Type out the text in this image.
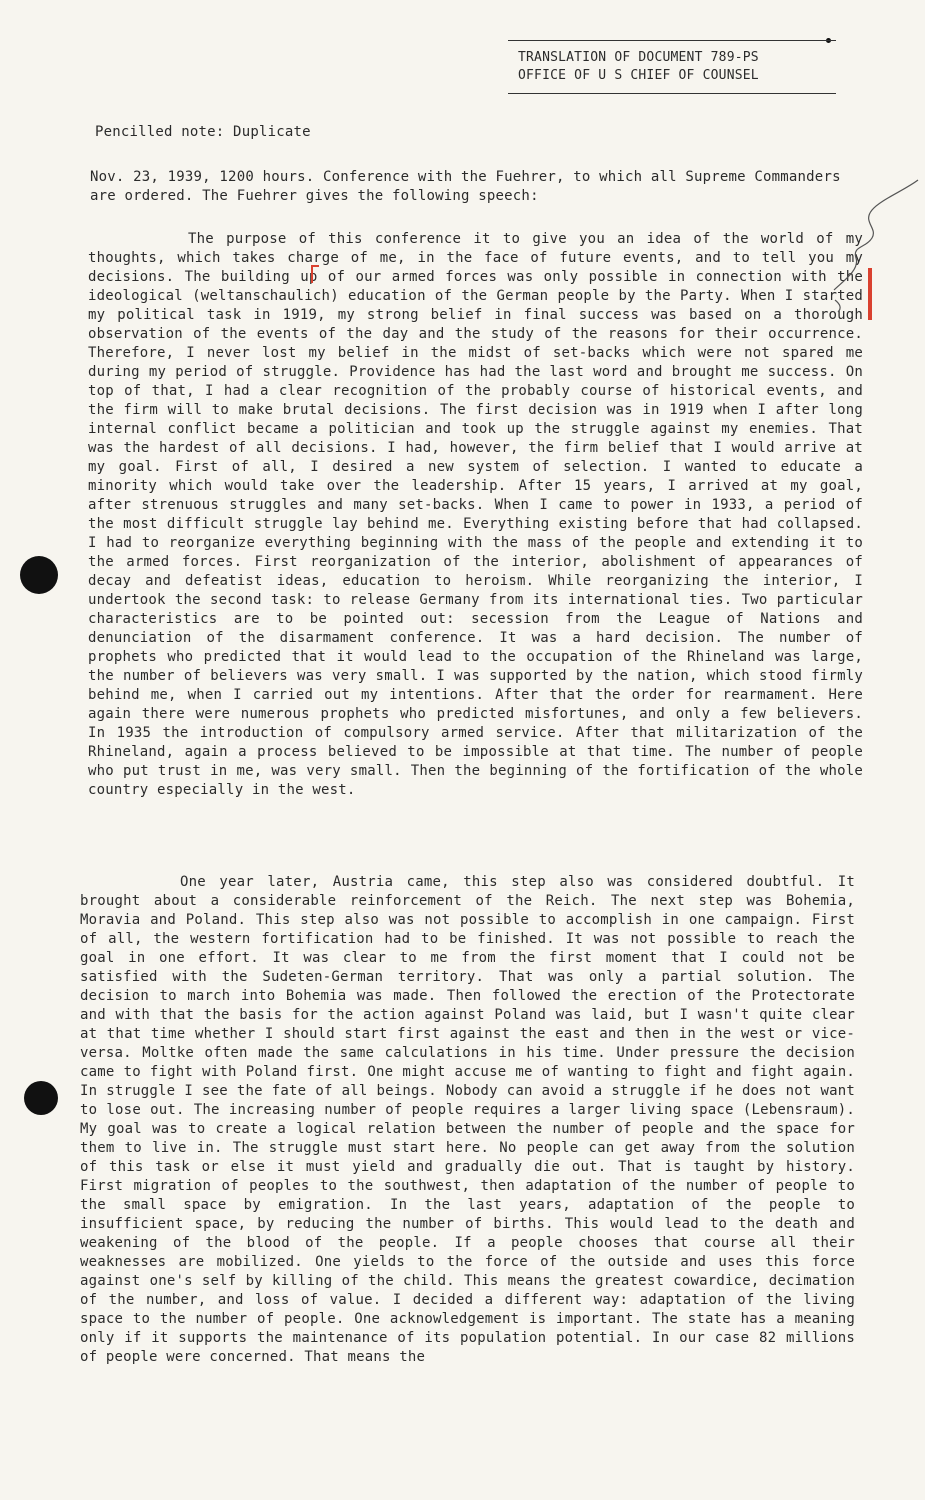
TRANSLATION OF DOCUMENT 789-PS
OFFICE OF U S CHIEF OF COUNSEL
Pencilled note: Duplicate
Nov. 23, 1939, 1200 hours. Conference with the Fuehrer, to which all Supreme Commanders are ordered. The Fuehrer gives the following speech:
The purpose of this conference it to give you an idea of the world of my thoughts, which takes charge of me, in the face of future events, and to tell you my decisions. The building up of our armed forces was only possible in connection with the ideological (weltanschaulich) education of the German people by the Party. When I started my political task in 1919, my strong belief in final success was based on a thorough observation of the events of the day and the study of the reasons for their occurrence. Therefore, I never lost my belief in the midst of set-backs which were not spared me during my period of struggle. Providence has had the last word and brought me success. On top of that, I had a clear recognition of the probably course of historical events, and the firm will to make brutal decisions. The first decision was in 1919 when I after long internal conflict became a politician and took up the struggle against my enemies. That was the hardest of all decisions. I had, however, the firm belief that I would arrive at my goal. First of all, I desired a new system of selection. I wanted to educate a minority which would take over the leadership. After 15 years, I arrived at my goal, after strenuous struggles and many set-backs. When I came to power in 1933, a period of the most difficult struggle lay behind me. Everything existing before that had collapsed. I had to reorganize everything beginning with the mass of the people and extending it to the armed forces. First reorganization of the interior, abolishment of appearances of decay and defeatist ideas, education to heroism. While reorganizing the interior, I undertook the second task: to release Germany from its international ties. Two particular characteristics are to be pointed out: secession from the League of Nations and denunciation of the disarmament conference. It was a hard decision. The number of prophets who predicted that it would lead to the occupation of the Rhineland was large, the number of believers was very small. I was supported by the nation, which stood firmly behind me, when I carried out my intentions. After that the order for rearmament. Here again there were numerous prophets who predicted misfortunes, and only a few believers. In 1935 the introduction of compulsory armed service. After that militarization of the Rhineland, again a process believed to be impossible at that time. The number of people who put trust in me, was very small. Then the beginning of the fortification of the whole country especially in the west.
One year later, Austria came, this step also was considered doubtful. It brought about a considerable reinforcement of the Reich. The next step was Bohemia, Moravia and Poland. This step also was not possible to accomplish in one campaign. First of all, the western fortification had to be finished. It was not possible to reach the goal in one effort. It was clear to me from the first moment that I could not be satisfied with the Sudeten-German territory. That was only a partial solution. The decision to march into Bohemia was made. Then followed the erection of the Protectorate and with that the basis for the action against Poland was laid, but I wasn't quite clear at that time whether I should start first against the east and then in the west or vice-versa. Moltke often made the same calculations in his time. Under pressure the decision came to fight with Poland first. One might accuse me of wanting to fight and fight again. In struggle I see the fate of all beings. Nobody can avoid a struggle if he does not want to lose out. The increasing number of people requires a larger living space (Lebensraum). My goal was to create a logical relation between the number of people and the space for them to live in. The struggle must start here. No people can get away from the solution of this task or else it must yield and gradually die out. That is taught by history. First migration of peoples to the southwest, then adaptation of the number of people to the small space by emigration. In the last years, adaptation of the people to insufficient space, by reducing the number of births. This would lead to the death and weakening of the blood of the people. If a people chooses that course all their weaknesses are mobilized. One yields to the force of the outside and uses this force against one's self by killing of the child. This means the greatest cowardice, decimation of the number, and loss of value. I decided a different way: adaptation of the living space to the number of people. One acknowledgement is important. The state has a meaning only if it supports the maintenance of its population potential. In our case 82 millions of people were concerned. That means the
